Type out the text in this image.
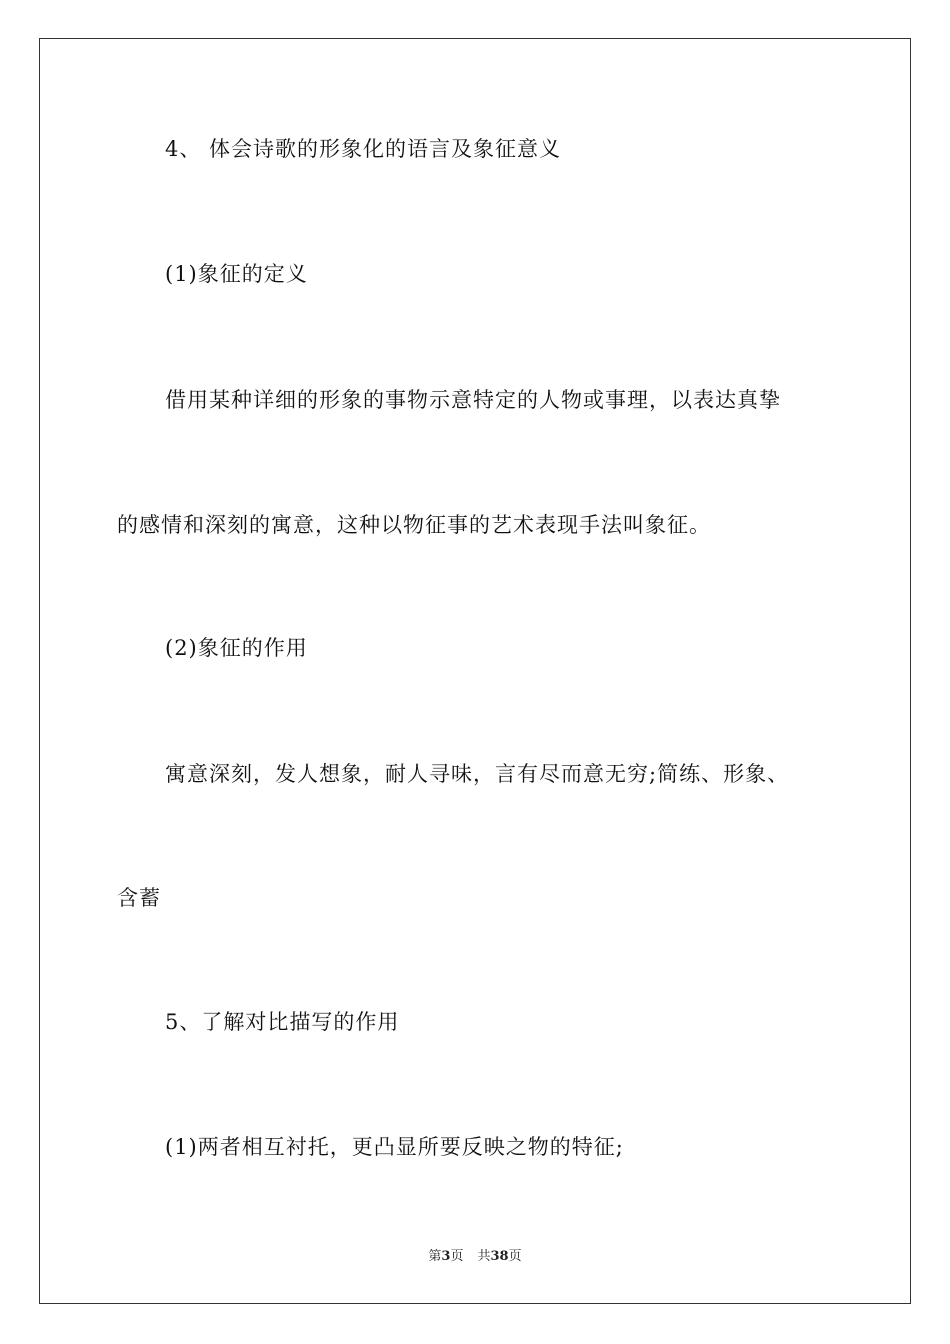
4、 体会诗歌的形象化的语言及象征意义
(1)象征的定义
借用某种详细的形象的事物示意特定的人物或事理，以表达真挚
的感情和深刻的寓意，这种以物征事的艺术表现手法叫象征。
(2)象征的作用
寓意深刻，发人想象，耐人寻味，言有尽而意无穷;简练、形象、
含蓄
5、了解对比描写的作用
(1)两者相互衬托，更凸显所要反映之物的特征;
第3页 共38页
